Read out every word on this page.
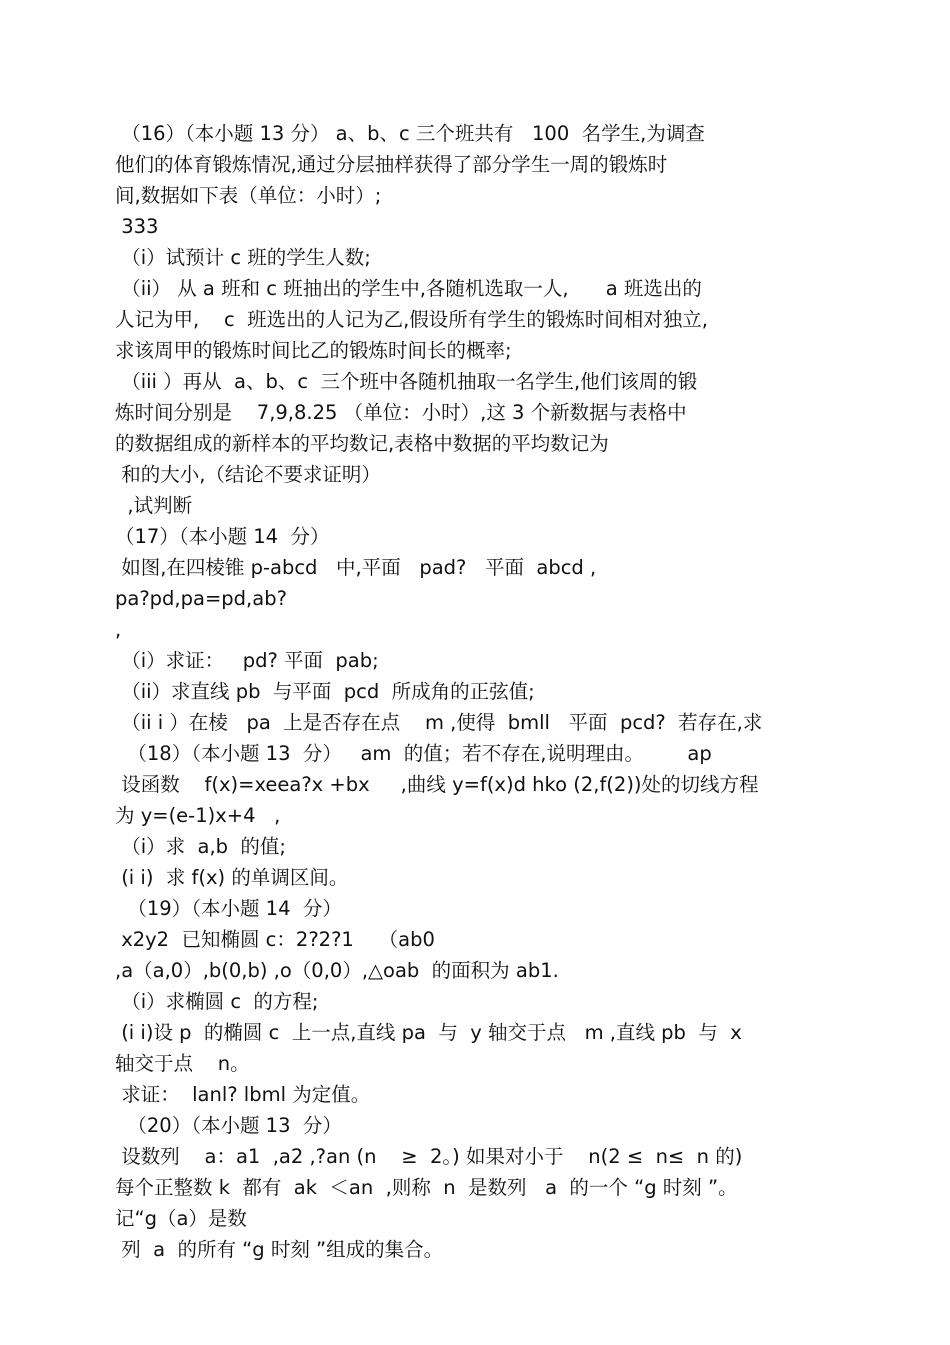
（16）（本小题 13 分） a、b、c 三个班共有   100  名学生,为调查
他们的体育锻炼情况,通过分层抽样获得了部分学生一周的锻炼时
间,数据如下表（单位：小时）;
333
（i）试预计 c 班的学生人数;
（ii） 从 a 班和 c 班抽出的学生中,各随机选取一人,      a 班选出的
人记为甲,    c  班选出的人记为乙,假设所有学生的锻炼时间相对独立,
求该周甲的锻炼时间比乙的锻炼时间长的概率;
（iii ）再从  a、b、c  三个班中各随机抽取一名学生,他们该周的锻
炼时间分别是    7,9,8.25 （单位：小时）,这 3 个新数据与表格中
的数据组成的新样本的平均数记,表格中数据的平均数记为
和的大小,（结论不要求证明）
,试判断
（17）（本小题 14  分）
如图,在四棱锥 p-abcd   中,平面   pad?   平面  abcd ,
pa?pd,pa=pd,ab?
,
（i）求证：   pd? 平面  pab;
（ii）求直线 pb  与平面  pcd  所成角的正弦值;
（ii i ）在棱   pa  上是否存在点    m ,使得  bmll   平面  pcd?  若存在,求
（18）（本小题 13  分）   am  的值；若不存在,说明理由。       ap
设函数    f(x)=xeea?x +bx     ,曲线 y=f(x)d hko (2,f(2))处的切线方程
为 y=(e-1)x+4   ,
（i）求  a,b  的值;
(i i)  求 f(x) 的单调区间。
（19）（本小题 14  分）
x2y2  已知椭圆 c：2?2?1    （ab0
,a（a,0）,b(0,b) ,o（0,0）,△oab  的面积为 ab1.
（i）求椭圆 c  的方程;
(i i)设 p  的椭圆 c  上一点,直线 pa  与  y 轴交于点   m ,直线 pb  与  x
轴交于点    n。
求证：  lanl? lbml 为定值。
（20）（本小题 13  分）
设数列    a：a1  ,a2 ,?an (n    ≥  2。) 如果对小于    n(2 ≤  n≤  n 的)
每个正整数 k  都有  ak  ＜an  ,则称  n  是数列   a  的一个 “g 时刻 ”。
记“g（a）是数
列  a  的所有 “g 时刻 ”组成的集合。
